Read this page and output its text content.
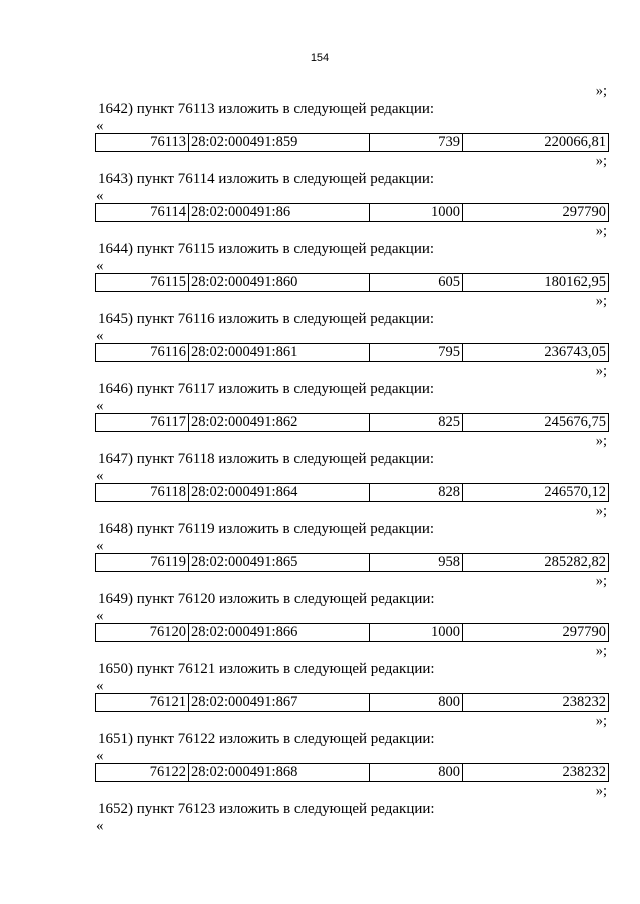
154
»;
1642) пункт 76113 изложить в следующей редакции:
«
76113	28:02:000491:859	739	220066,81
»;
1643) пункт 76114 изложить в следующей редакции:
«
76114	28:02:000491:86	1000	297790
»;
1644) пункт 76115 изложить в следующей редакции:
«
76115	28:02:000491:860	605	180162,95
»;
1645) пункт 76116 изложить в следующей редакции:
«
76116	28:02:000491:861	795	236743,05
»;
1646) пункт 76117 изложить в следующей редакции:
«
76117	28:02:000491:862	825	245676,75
»;
1647) пункт 76118 изложить в следующей редакции:
«
76118	28:02:000491:864	828	246570,12
»;
1648) пункт 76119 изложить в следующей редакции:
«
76119	28:02:000491:865	958	285282,82
»;
1649) пункт 76120 изложить в следующей редакции:
«
76120	28:02:000491:866	1000	297790
»;
1650) пункт 76121 изложить в следующей редакции:
«
76121	28:02:000491:867	800	238232
»;
1651) пункт 76122 изложить в следующей редакции:
«
76122	28:02:000491:868	800	238232
»;
1652) пункт 76123 изложить в следующей редакции:
«
